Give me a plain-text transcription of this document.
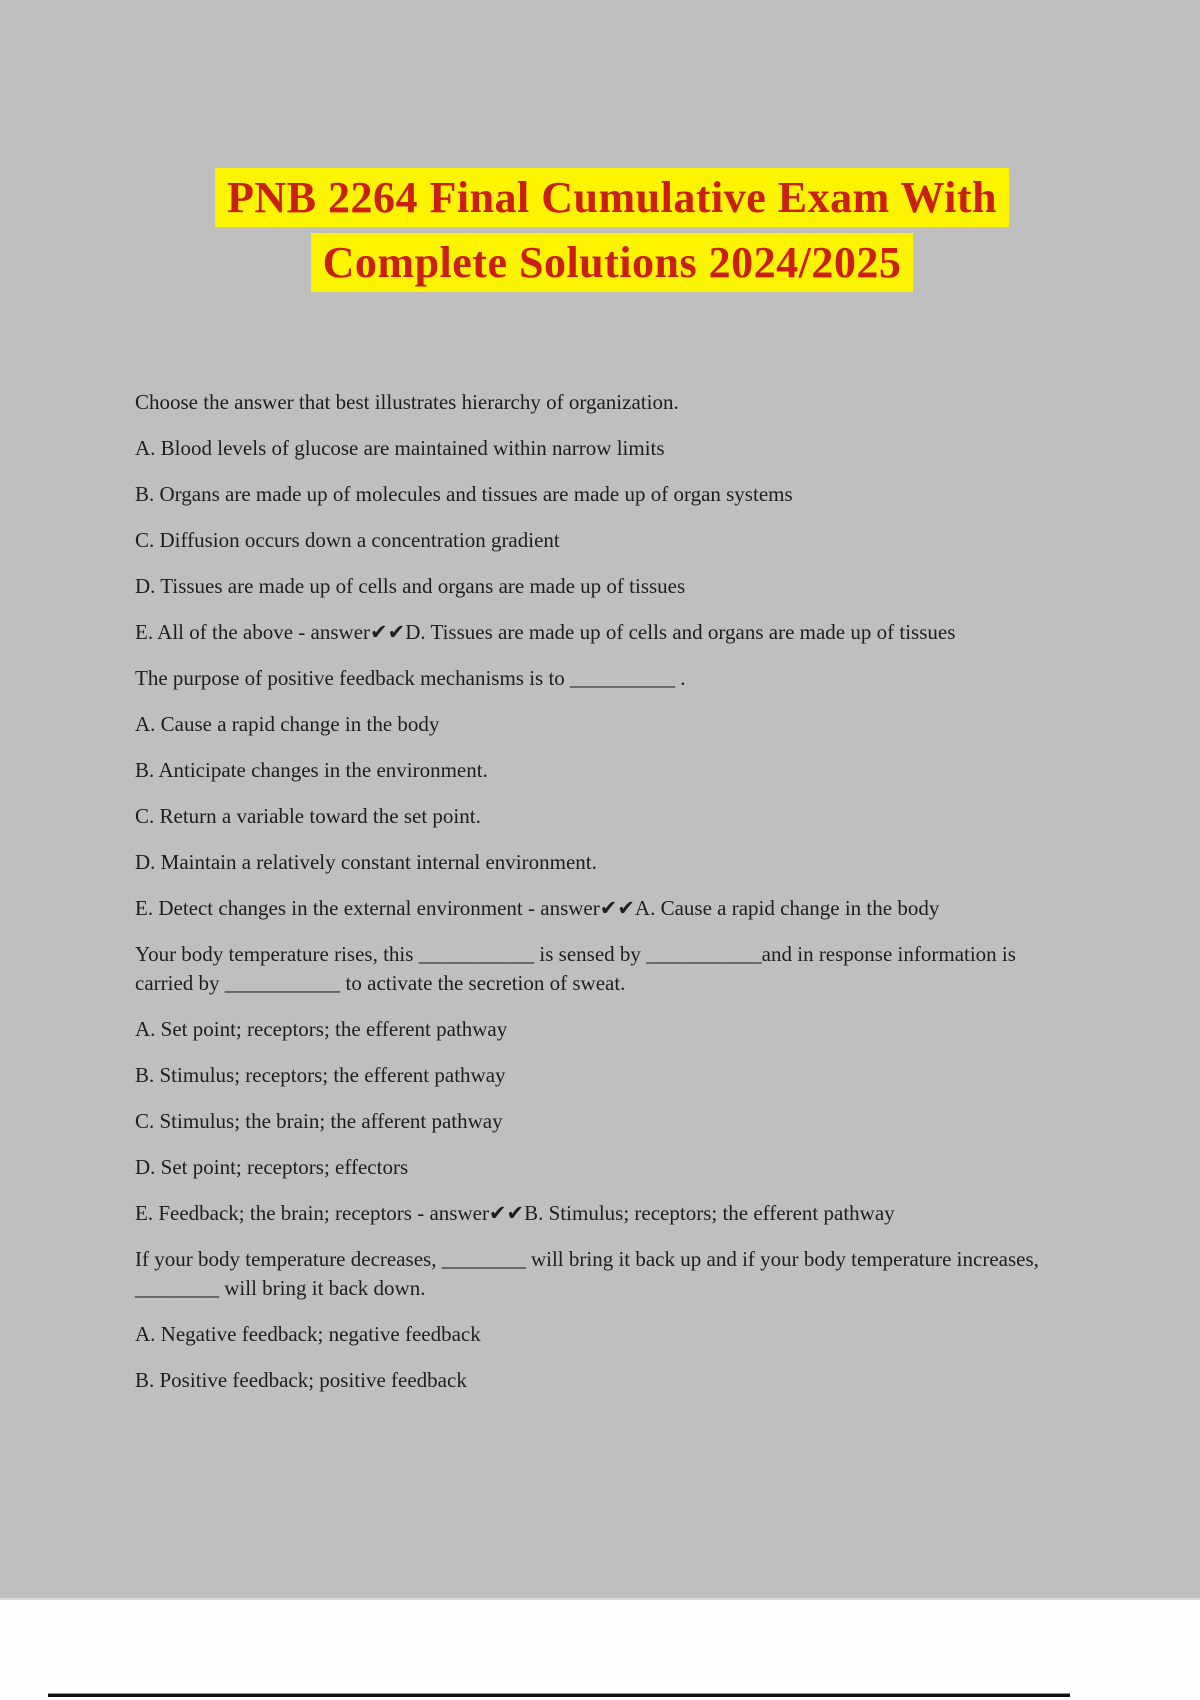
PNB 2264 Final Cumulative Exam With
Complete Solutions 2024/2025

Choose the answer that best illustrates hierarchy of organization.

A. Blood levels of glucose are maintained within narrow limits

B. Organs are made up of molecules and tissues are made up of organ systems

C. Diffusion occurs down a concentration gradient

D. Tissues are made up of cells and organs are made up of tissues

E. All of the above - answer✔✔D. Tissues are made up of cells and organs are made up of tissues

The purpose of positive feedback mechanisms is to __________ .

A. Cause a rapid change in the body

B. Anticipate changes in the environment.

C. Return a variable toward the set point.

D. Maintain a relatively constant internal environment.

E. Detect changes in the external environment - answer✔✔A. Cause a rapid change in the body

Your body temperature rises, this ___________ is sensed by ___________and in response information is carried by ___________ to activate the secretion of sweat.

A. Set point; receptors; the efferent pathway

B. Stimulus; receptors; the efferent pathway

C. Stimulus; the brain; the afferent pathway

D. Set point; receptors; effectors

E. Feedback; the brain; receptors - answer✔✔B. Stimulus; receptors; the efferent pathway

If your body temperature decreases, ________ will bring it back up and if your body temperature increases, ________ will bring it back down.

A. Negative feedback; negative feedback

B. Positive feedback; positive feedback
